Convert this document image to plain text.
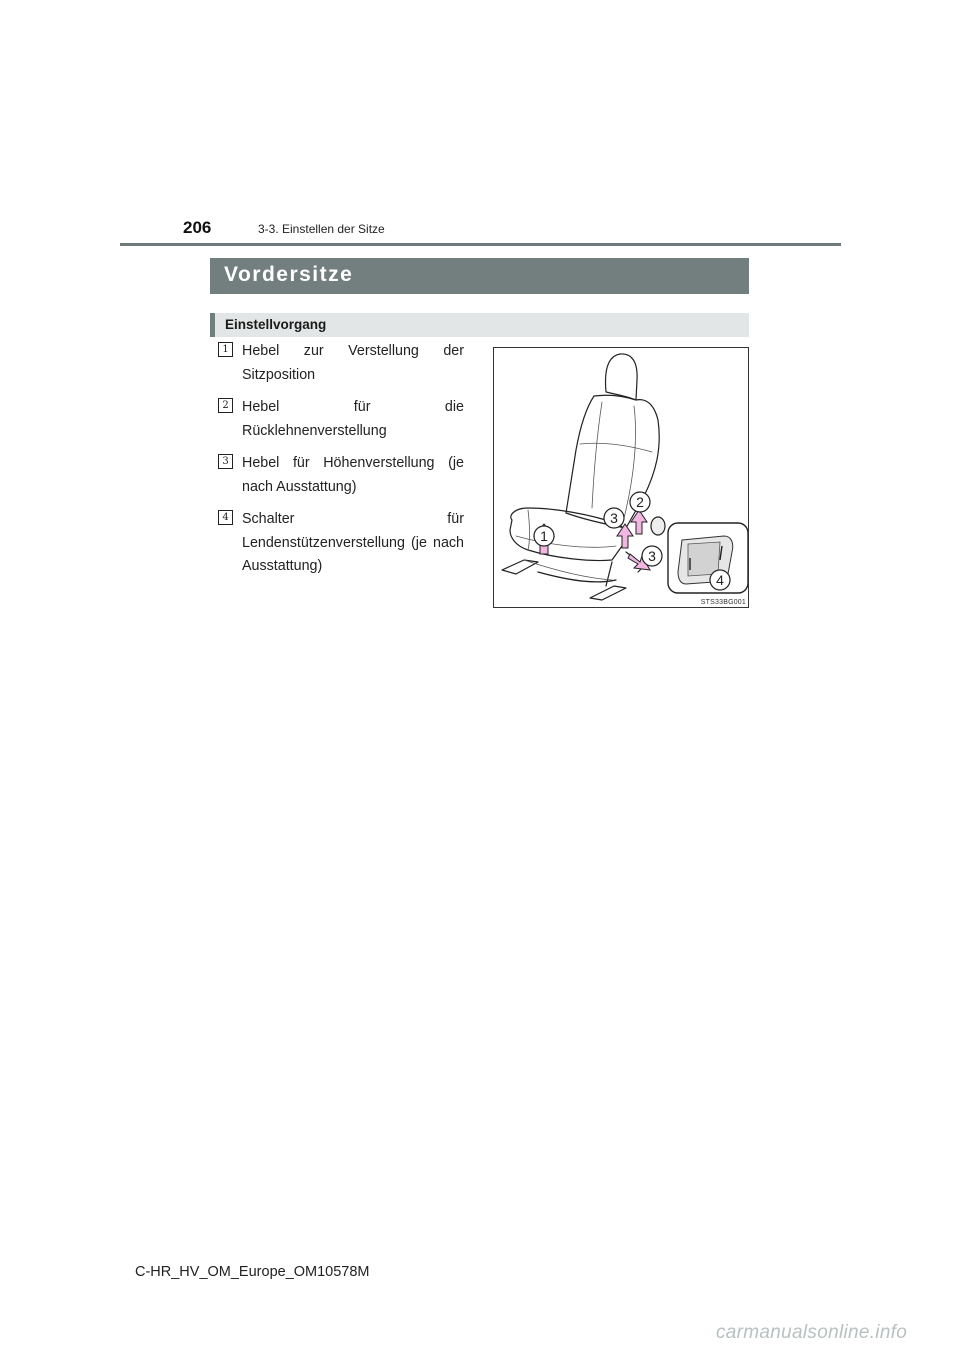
206	3-3. Einstellen der Sitze
Vordersitze
Einstellvorgang
1 Hebel zur Verstellung der Sitzposition
2 Hebel für die Rücklehnenverstellung
3 Hebel für Höhenverstellung (je nach Ausstattung)
4 Schalter für Lendenstützenverstellung (je nach Ausstattung)
1
2
3
3
4
STS33BG001
C-HR_HV_OM_Europe_OM10578M
carmanualsonline.info
